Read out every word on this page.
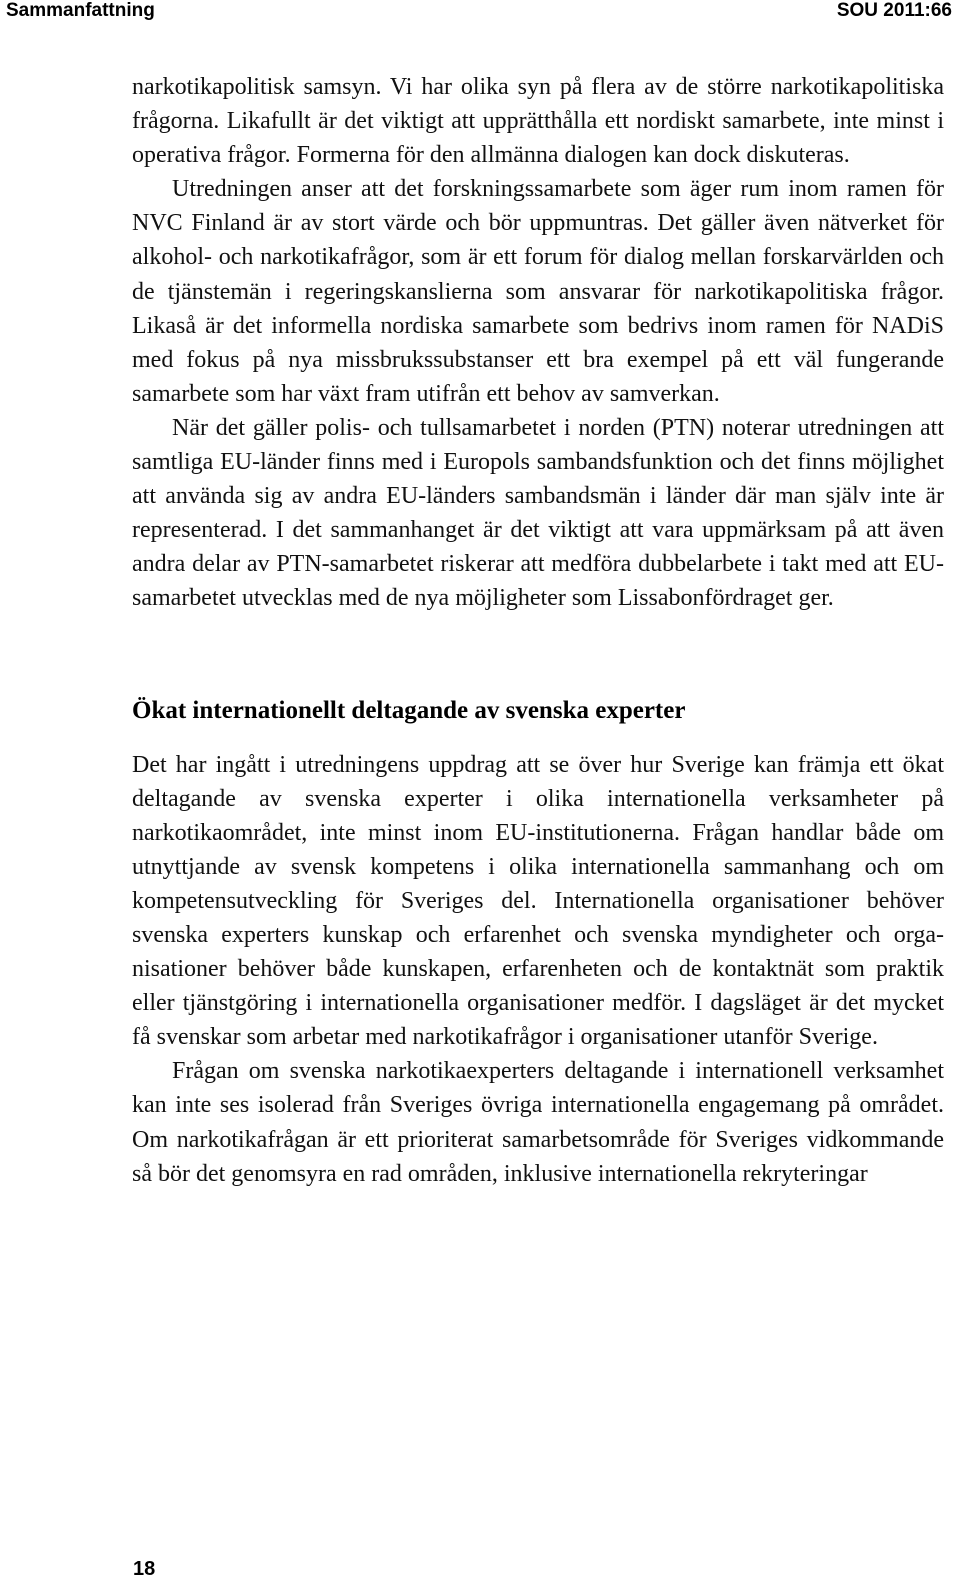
Sammanfattning	SOU 2011:66

narkotikapolitisk samsyn. Vi har olika syn på flera av de större narkotikapolitiska frågorna. Likafullt är det viktigt att upprätthålla ett nordiskt samarbete, inte minst i operativa frågor. Formerna för den allmänna dialogen kan dock diskuteras.

Utredningen anser att det forskningssamarbete som äger rum inom ramen för NVC Finland är av stort värde och bör uppmuntras. Det gäller även nätverket för alkohol- och narkotikafrågor, som är ett forum för dialog mellan forskarvärlden och de tjänstemän i regeringskanslierna som ansvarar för narkotikapolitiska frågor. Likaså är det informella nordiska samarbete som bedrivs inom ramen för NADiS med fokus på nya missbrukssubstanser ett bra exempel på ett väl fungerande samarbete som har växt fram utifrån ett behov av samverkan.

När det gäller polis- och tullsamarbetet i norden (PTN) noterar utredningen att samtliga EU-länder finns med i Europols sambandsfunktion och det finns möjlighet att använda sig av andra EU-länders sambandsmän i länder där man själv inte är representerad. I det sammanhanget är det viktigt att vara uppmärksam på att även andra delar av PTN-samarbetet riskerar att medföra dubbelarbete i takt med att EU-samarbetet utvecklas med de nya möjligheter som Lissabonfördraget ger.

Ökat internationellt deltagande av svenska experter

Det har ingått i utredningens uppdrag att se över hur Sverige kan främja ett ökat deltagande av svenska experter i olika internationella verksamheter på narkotikaområdet, inte minst inom EU-institutionerna. Frågan handlar både om utnyttjande av svensk kompetens i olika internationella sammanhang och om kompetensutveckling för Sveriges del. Internationella organisationer behöver svenska experters kunskap och erfarenhet och svenska myndigheter och organisationer behöver både kunskapen, erfarenheten och de kontaktnät som praktik eller tjänstgöring i internationella organisationer medför. I dagsläget är det mycket få svenskar som arbetar med narkotikafrågor i organisationer utanför Sverige.

Frågan om svenska narkotikaexperters deltagande i internationell verksamhet kan inte ses isolerad från Sveriges övriga internationella engagemang på området. Om narkotikafrågan är ett prioriterat samarbetsområde för Sveriges vidkommande så bör det genomsyra en rad områden, inklusive internationella rekryteringar

18
